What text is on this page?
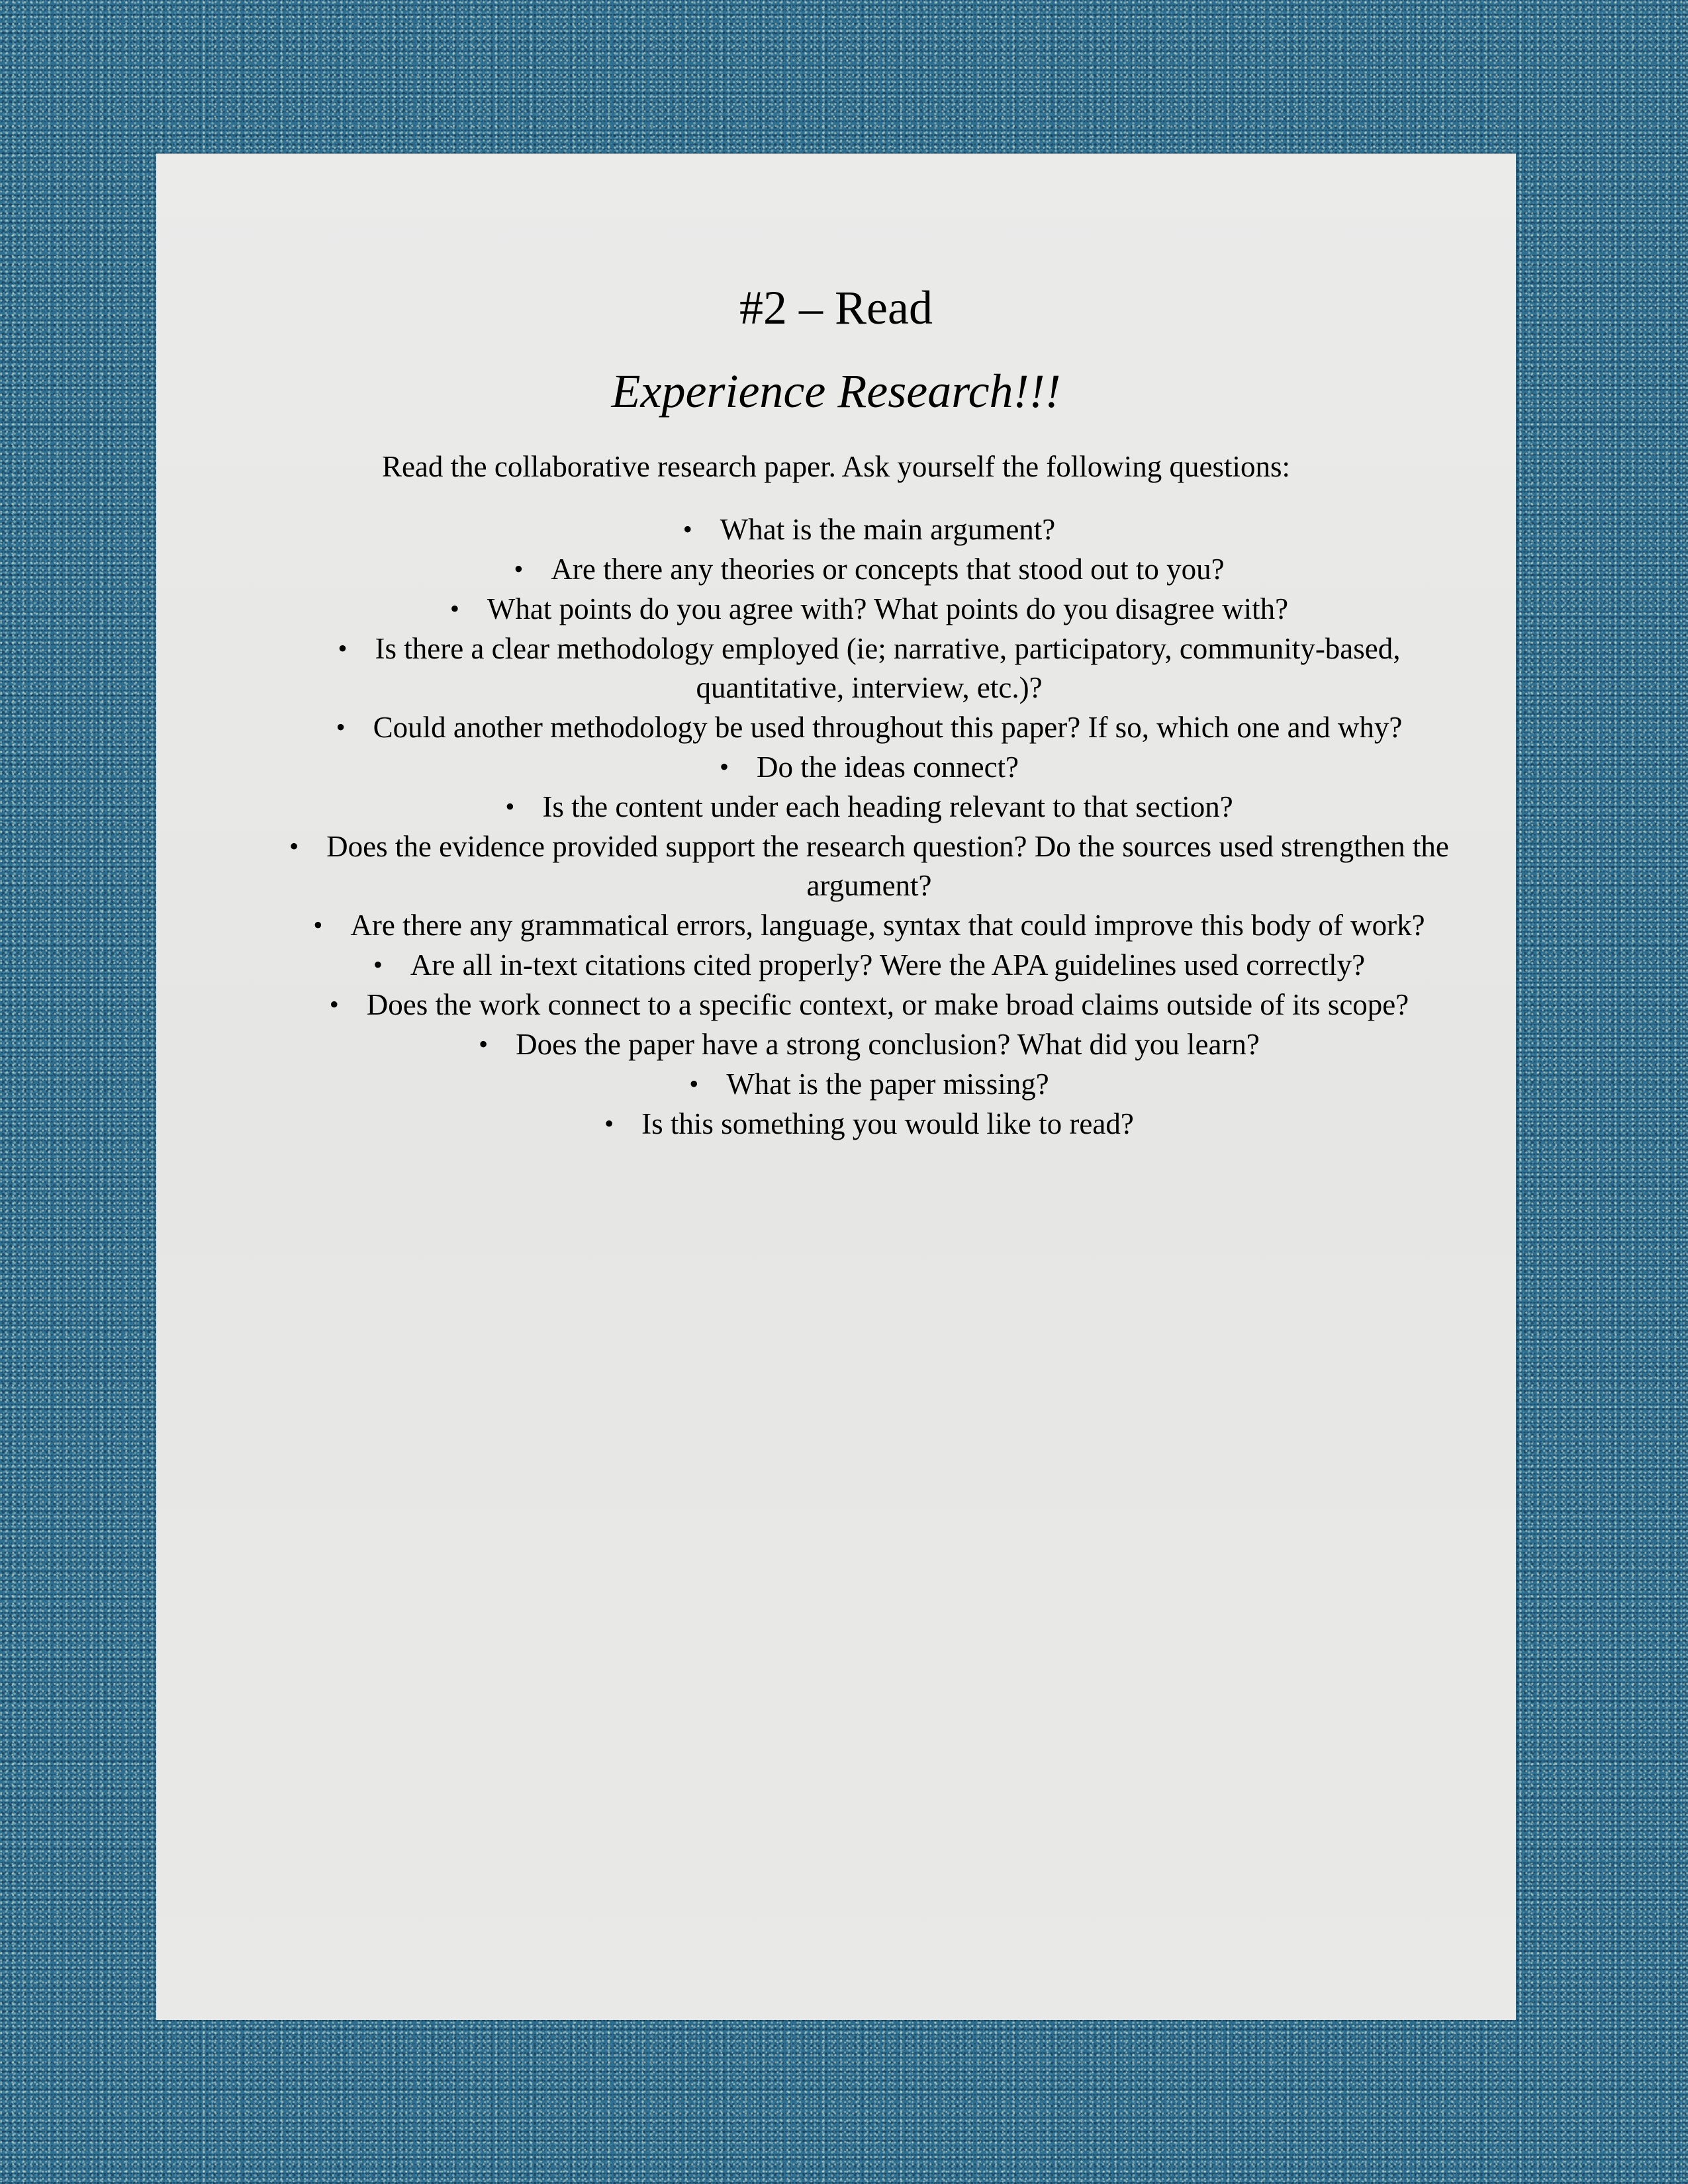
#2 – Read
Experience Research!!!

Read the collaborative research paper. Ask yourself the following questions:

• What is the main argument?
• Are there any theories or concepts that stood out to you?
• What points do you agree with? What points do you disagree with?
• Is there a clear methodology employed (ie; narrative, participatory, community-based, quantitative, interview, etc.)?
• Could another methodology be used throughout this paper? If so, which one and why?
• Do the ideas connect?
• Is the content under each heading relevant to that section?
• Does the evidence provided support the research question? Do the sources used strengthen the argument?
• Are there any grammatical errors, language, syntax that could improve this body of work?
• Are all in-text citations cited properly? Were the APA guidelines used correctly?
• Does the work connect to a specific context, or make broad claims outside of its scope?
• Does the paper have a strong conclusion? What did you learn?
• What is the paper missing?
• Is this something you would like to read?
